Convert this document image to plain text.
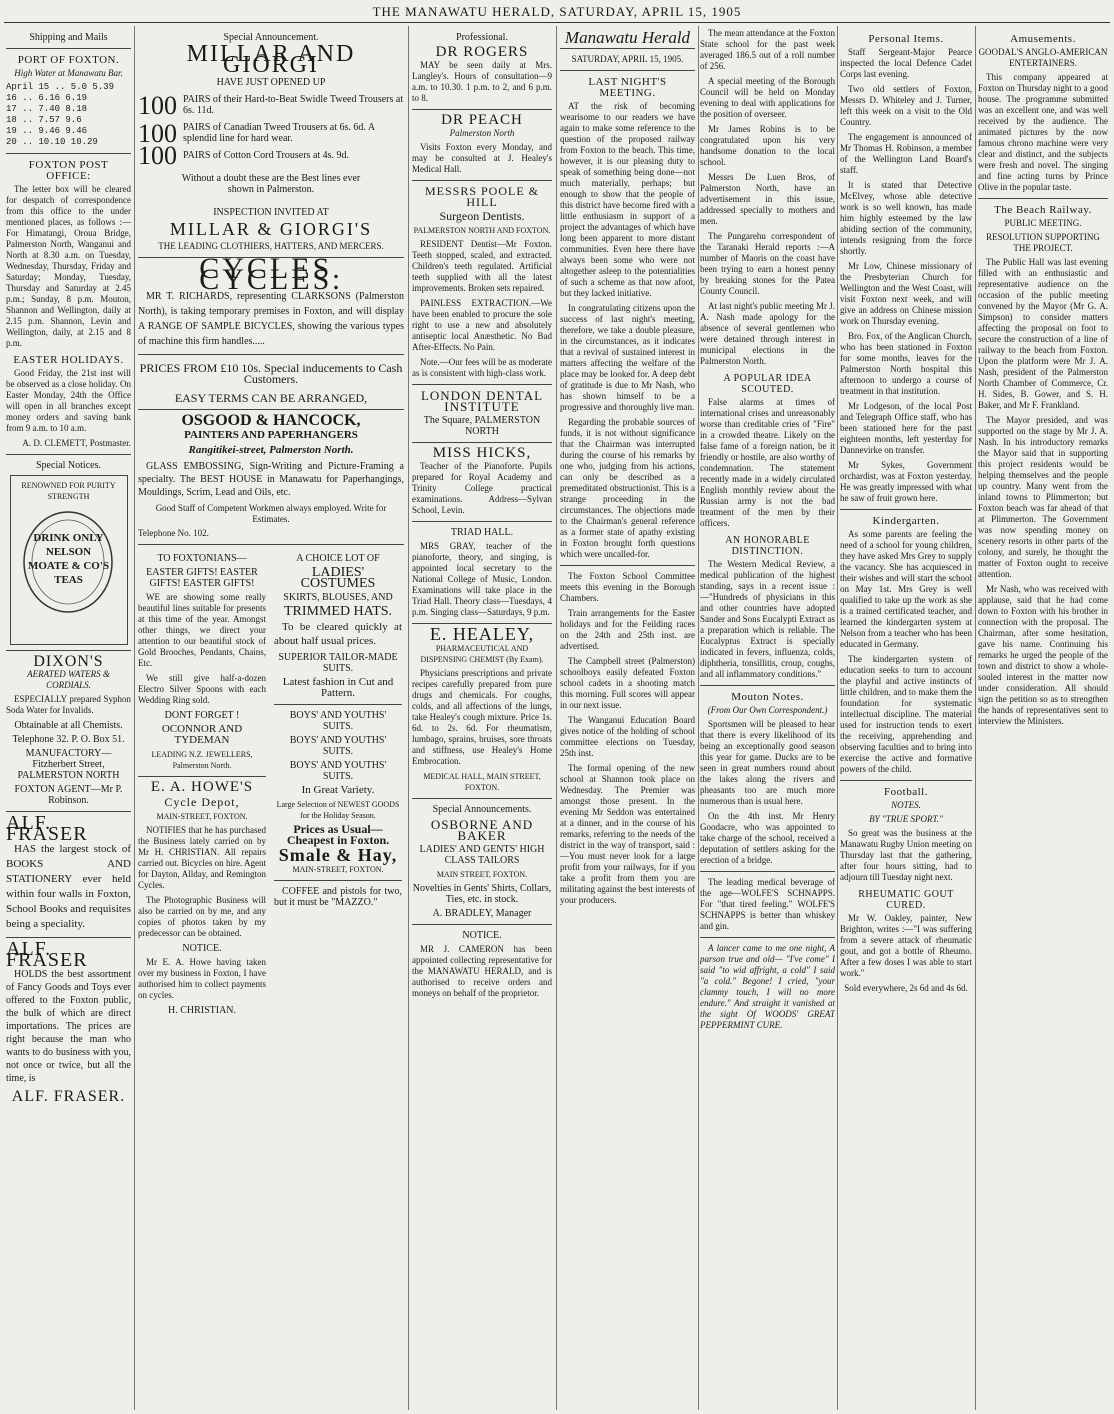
THE MANAWATU HERALD, SATURDAY, APRIL 15, 1905
Shipping and Mails
PORT OF FOXTON.
High Water at Manawatu Bar.
April 15 .. 5.0 5.39
16 .. 6.16 6.19
17 .. 7.40 8.18
18 .. 7.57 9.6
19 .. 9.46 9.46
20 .. 10.10 10.29
FOXTON POST OFFICE:

The letter box will be cleared for despatch of correspondence from this office to the under mentioned places, as follows :— For Himatangi, Oroua Bridge, Palmerston North, Wanganui and North at 8.30 a.m. on Tuesday, Wednesday, Thursday, Friday and Saturday; Monday, Tuesday, Thursday and Saturday at 2.45 p.m.; Sunday, 8 p.m. Mouton, Shannon and Wellington, daily at 2.15 p.m. Shannon, Levin and Wellington, daily, at 2.15 and 8 p.m.

EASTER HOLIDAYS.

Good Friday, the 21st inst will be observed as a close holiday. On Easter Monday, 24th the Office will open in all branches except money orders and saving bank from 9 a.m. to 10 a.m.

A. D. CLEMETT, Postmaster.
Special Notices.
RENOWNED FOR PURITY STRENGTH
DRINK ONLY NELSON MOATE & CO'S TEAS
DIXON'S
AERATED WATERS & CORDIALS.

ESPECIALLY prepared Syphon Soda Water for Invalids.

Obtainable at all Chemists.
Telephone 32. P. O. Box 51.
MANUFACTORY—Fitzherbert Street, PALMERSTON NORTH
FOXTON AGENT—Mr P. Robinson.
ALF. FRASER

HAS the largest stock of BOOKS AND STATIONERY ever held within four walls in Foxton, School Books and requisites being a speciality.

ALF. FRASER

HOLDS the best assortment of Fancy Goods and Toys ever offered to the Foxton public, the bulk of which are direct importations. The prices are right because the man who wants to do business with you, not once or twice, but all the time, is

ALF. FRASER.
Special Announcement.
MILLAR AND GIORGI
HAVE JUST OPENED UP
100 PAIRS of their Hard-to-Beat Swidle Tweed Trousers at 6s. 11d.
100 PAIRS of Canadian Tweed Trousers at 6s. 6d. A splendid line for hard wear.
100 PAIRS of Cotton Cord Trousers at 4s. 9d.
Without a doubt these are the Best lines ever shown in Palmerston.
INSPECTION INVITED AT
MILLAR & GIORGI'S
THE LEADING CLOTHIERS, HATTERS, AND MERCERS.
CYCLES. CYCLES.

MR T. RICHARDS, representing CLARKSONS (Palmerston North), is taking temporary premises in Foxton, and will display A RANGE OF SAMPLE BICYCLES, showing the various types of machine this firm handles.....

PRICES FROM £10 10s. Special inducements to Cash Customers.
EASY TERMS CAN BE ARRANGED,
OSGOOD & HANCOCK,
PAINTERS AND PAPERHANGERS
Rangitikei-street, Palmerston North.

GLASS EMBOSSING, Sign-Writing and Picture-Framing a specialty. The BEST HOUSE in Manawatu for Paperhangings, Mouldings, Scrim, Lead and Oils, etc.

Good Staff of Competent Workmen always employed. Write for Estimates.
Telephone No. 102.
TO FOXTONIANS—
EASTER GIFTS! EASTER GIFTS! EASTER GIFTS!

WE are showing some really beautiful lines suitable for presents at this time of the year. Amongst other things, we direct your attention to our beautiful stock of Gold Brooches, Pendants, Chains, Etc.

We still give half-a-dozen Electro Silver Spoons with each Wedding Ring sold.

DONT FORGET !
OCONNOR AND TYDEMAN
LEADING N.Z. JEWELLERS, Palmerston North.
E. A. HOWE'S
Cycle Depot,
MAIN-STREET, FOXTON.

NOTIFIES that he has purchased the Business lately carried on by Mr H. CHRISTIAN. All repairs carried out. Bicycles on hire. Agent for Dayton, Allday, and Remington Cycles.

The Photographic Business will also be carried on by me, and any copies of photos taken by my predecessor can be obtained.

NOTICE.

Mr E. A. Howe having taken over my business in Foxton, I have authorised him to collect payments on cycles.

H. CHRISTIAN.
A CHOICE LOT OF
LADIES' COSTUMES
SKIRTS, BLOUSES, AND
TRIMMED HATS.

To be cleared quickly at about half usual prices.

SUPERIOR TAILOR-MADE SUITS.
Latest fashion in Cut and Pattern.
BOYS' AND YOUTHS' SUITS.
BOYS' AND YOUTHS' SUITS.
BOYS' AND YOUTHS' SUITS.
In Great Variety.
Large Selection of NEWEST GOODS for the Holiday Season.
Prices as Usual— Cheapest in Foxton.
Smale & Hay,
MAIN-STREET, FOXTON.

COFFEE and pistols for two, but it must be "MAZZO."

Professional.
DR ROGERS

MAY be seen daily at Mrs. Langley's. Hours of consultation—9 a.m. to 10.30. 1 p.m. to 2, and 6 p.m. to 8.

DR PEACH
Palmerston North

Visits Foxton every Monday, and may be consulted at J. Healey's Medical Hall.

MESSRS POOLE & HILL
Surgeon Dentists.
PALMERSTON NORTH AND FOXTON.

RESIDENT Dentist—Mr Foxton. Teeth stopped, scaled, and extracted. Children's teeth regulated. Artificial teeth supplied with all the latest improvements. Broken sets repaired.

PAINLESS EXTRACTION.—We have been enabled to procure the sole right to use a new and absolutely antiseptic local Anæsthetic. No Bad After-Effects. No Pain.

Note.—Our fees will be as moderate as is consistent with high-class work.

LONDON DENTAL INSTITUTE
The Square, PALMERSTON NORTH
MISS HICKS,

Teacher of the Pianoforte. Pupils prepared for Royal Academy and Trinity College practical examinations. Address—Sylvan School, Levin.

TRIAD HALL.

MRS GRAY, teacher of the pianoforte, theory, and singing, is appointed local secretary to the National College of Music, London. Examinations will take place in the Triad Hall. Theory class—Tuesdays, 4 p.m. Singing class—Saturdays, 9 p.m.

E. HEALEY,
PHARMACEUTICAL AND DISPENSING CHEMIST (By Exam).

Physicians prescriptions and private recipes carefully prepared from pure drugs and chemicals. For coughs, colds, and all affections of the lungs, take Healey's cough mixture. Price 1s. 6d. to 2s. 6d. For rheumatism, lumbago, sprains, bruises, sore throats and stiffness, use Healey's Home Embrocation.

MEDICAL HALL, MAIN STREET, FOXTON.
Special Announcements.
OSBORNE AND BAKER
LADIES' AND GENTS' HIGH CLASS TAILORS
MAIN STREET, FOXTON.
Novelties in Gents' Shirts, Collars, Ties, etc. in stock.
A. BRADLEY, Manager
NOTICE.

MR J. CAMERON has been appointed collecting representative for the MANAWATU HERALD, and is authorised to receive orders and moneys on behalf of the proprietor.

Manawatu Herald
SATURDAY, APRIL 15, 1905.
LAST NIGHT'S MEETING.

AT the risk of becoming wearisome to our readers we have again to make some reference to the question of the proposed railway from Foxton to the beach. This time, however, it is our pleasing duty to speak of something being done—not much materially, perhaps; but enough to show that the people of this district have become fired with a little enthusiasm in support of a project the advantages of which have long been apparent to more distant communities. Even here there have always been some who were not altogether asleep to the potentialities of such a scheme as that now afoot, but they lacked initiative.

In congratulating citizens upon the success of last night's meeting, therefore, we take a double pleasure, in the circumstances, as it indicates that a revival of sustained interest in matters affecting the welfare of the place may be looked for. A deep debt of gratitude is due to Mr Nash, who has shown himself to be a progressive and thoroughly live man.

Regarding the probable sources of funds, it is not without significance that the Chairman was interrupted during the course of his remarks by one who, judging from his actions, can only be described as a premeditated obstructionist. This is a strange proceeding in the circumstances. The objections made to the Chairman's general reference as a former state of apathy existing in Foxton brought forth questions which were uncalled-for.

The Foxton School Committee meets this evening in the Borough Chambers.

Train arrangements for the Easter holidays and for the Feilding races on the 24th and 25th inst. are advertised.

The Campbell street (Palmerston) schoolboys easily defeated Foxton school cadets in a shooting match this morning. Full scores will appear in our next issue.

The Wanganui Education Board gives notice of the holding of school committee elections on Tuesday, 25th inst.

The formal opening of the new school at Shannon took place on Wednesday. The Premier was amongst those present. In the evening Mr Seddon was entertained at a dinner, and in the course of his remarks, referring to the needs of the district in the way of transport, said :—You must never look for a large profit from your railways, for if you take a profit from them you are militating against the best interests of your producers.

The mean attendance at the Foxton State school for the past week averaged 186.5 out of a roll number of 256.

A special meeting of the Borough Council will be held on Monday evening to deal with applications for the position of overseer.

Mr James Robins is to be congratulated upon his very handsome donation to the local school.

Messrs De Luen Bros, of Palmerston North, have an advertisement in this issue, addressed specially to mothers and men.

The Pungarehu correspondent of the Taranaki Herald reports :—A number of Maoris on the coast have been trying to earn a honest penny by breaking stones for the Patea County Council.

At last night's public meeting Mr J. A. Nash made apology for the absence of several gentlemen who were detained through interest in municipal elections in the Palmerston North.

A POPULAR IDEA SCOUTED.

False alarms at times of international crises and unreasonably worse than creditable cries of "Fire" in a crowded theatre. Likely on the false fame of a foreign nation, be it friendly or hostile, are also worthy of condemnation. The statement recently made in a widely circulated English monthly review about the Russian army is not the bad treatment of the men by their officers.

AN HONORABLE DISTINCTION.

The Western Medical Review, a medical publication of the highest standing, says in a recent issue :—"Hundreds of physicians in this and other countries have adopted Sander and Sons Eucalypti Extract as a preparation which is reliable. The Eucalyptus Extract is specially indicated in fevers, influenza, colds, diphtheria, tonsillitis, croup, coughs, and all inflammatory conditions."

Mouton Notes.
(From Our Own Correspondent.)

Sportsmen will be pleased to hear that there is every likelihood of its being an exceptionally good season this year for game. Ducks are to be seen in great numbers round about the lakes along the rivers and pheasants too are much more numerous than is usual here.

On the 4th inst. Mr Henry Goodacre, who was appointed to take charge of the school, received a deputation of settlers asking for the erection of a bridge.

The leading medical beverage of the age—WOLFE'S SCHNAPPS. For "that tired feeling." WOLFE'S SCHNAPPS is better than whiskey and gin.

A lancer came to me one night, A parson true and old— "I've come" I said "to wid affright, a cold" I said "a cold." Begone! I cried, "your clammy touch, I will no more endure." And straight it vanished at the sight Of WOODS' GREAT PEPPERMINT CURE.

Personal Items.

Staff Sergeant-Major Pearce inspected the local Defence Cadet Corps last evening.

Two old settlers of Foxton, Messrs D. Whiteley and J. Turner, left this week on a visit to the Old Country.

The engagement is announced of Mr Thomas H. Robinson, a member of the Wellington Land Board's staff.

It is stated that Detective McElvey, whose able detective work is so well known, has made him highly esteemed by the law abiding section of the community, intends resigning from the force shortly.

Mr Low, Chinese missionary of the Presbyterian Church for Wellington and the West Coast, will visit Foxton next week, and will give an address on Chinese mission work on Thursday evening.

Bro. Fox, of the Anglican Church, who has been stationed in Foxton for some months, leaves for the Palmerston North hospital this afternoon to undergo a course of treatment in that institution.

Mr Lodgeson, of the local Post and Telegraph Office staff, who has been stationed here for the past eighteen months, left yesterday for Dannevirke on transfer.

Mr Sykes, Government orchardist, was at Foxton yesterday. He was greatly impressed with what he saw of fruit grown here.

Kindergarten.

As some parents are feeling the need of a school for young children, they have asked Mrs Grey to supply the vacancy. She has acquiesced in their wishes and will start the school on May 1st. Mrs Grey is well qualified to take up the work as she is a trained certificated teacher, and learned the kindergarten system at Nelson from a teacher who has been educated in Germany.

The kindergarten system of education seeks to turn to account the playful and active instincts of little children, and to make them the foundation for systematic intellectual discipline. The material used for instruction tends to exert the receiving, apprehending and observing faculties and to bring into exercise the active and formative powers of the child.

Football.
NOTES.
BY "TRUE SPORT."

So great was the business at the Manawatu Rugby Union meeting on Thursday last that the gathering, after four hours sitting, had to adjourn till Tuesday night next.

RHEUMATIC GOUT CURED.

Mr W. Oakley, painter, New Brighton, writes :—"I was suffering from a severe attack of rheumatic gout, and got a bottle of Rheumo. After a few doses I was able to start work."

Sold everywhere, 2s 6d and 4s 6d.
Amusements.
GOODAL'S ANGLO-AMERICAN ENTERTAINERS.

This company appeared at Foxton on Thursday night to a good house. The programme submitted was an excellent one, and was well received by the audience. The animated pictures by the now famous chrono machine were very clear and distinct, and the subjects were fresh and novel. The singing and fine acting turns by Prince Olive in the popular taste.

The Beach Railway.
PUBLIC MEETING.
RESOLUTION SUPPORTING THE PROJECT.

The Public Hall was last evening filled with an enthusiastic and representative audience on the occasion of the public meeting convened by the Mayor (Mr G. A. Simpson) to consider matters affecting the proposal on foot to secure the construction of a line of railway to the beach from Foxton. Upon the platform were Mr J. A. Nash, president of the Palmerston North Chamber of Commerce, Cr. H. Sides, B. Gower, and S. H. Baker, and Mr F. Frankland.

The Mayor presided, and was supported on the stage by Mr J. A. Nash. In his introductory remarks the Mayor said that in supporting this project residents would be helping themselves and the people up country. Many went from the inland towns to Plimmerton; but Foxton beach was far ahead of that at Plimmerton. The Government was now spending money on scenery resorts in other parts of the colony, and surely, he thought the matter of Foxton ought to receive attention.

Mr Nash, who was received with applause, said that he had come down to Foxton with his brother in connection with the proposal. The Chairman, after some hesitation, gave his name. Continuing his remarks he urged the people of the town and district to show a whole-souled interest in the matter now under consideration. All should sign the petition so as to strengthen the hands of representatives sent to interview the Ministers.
